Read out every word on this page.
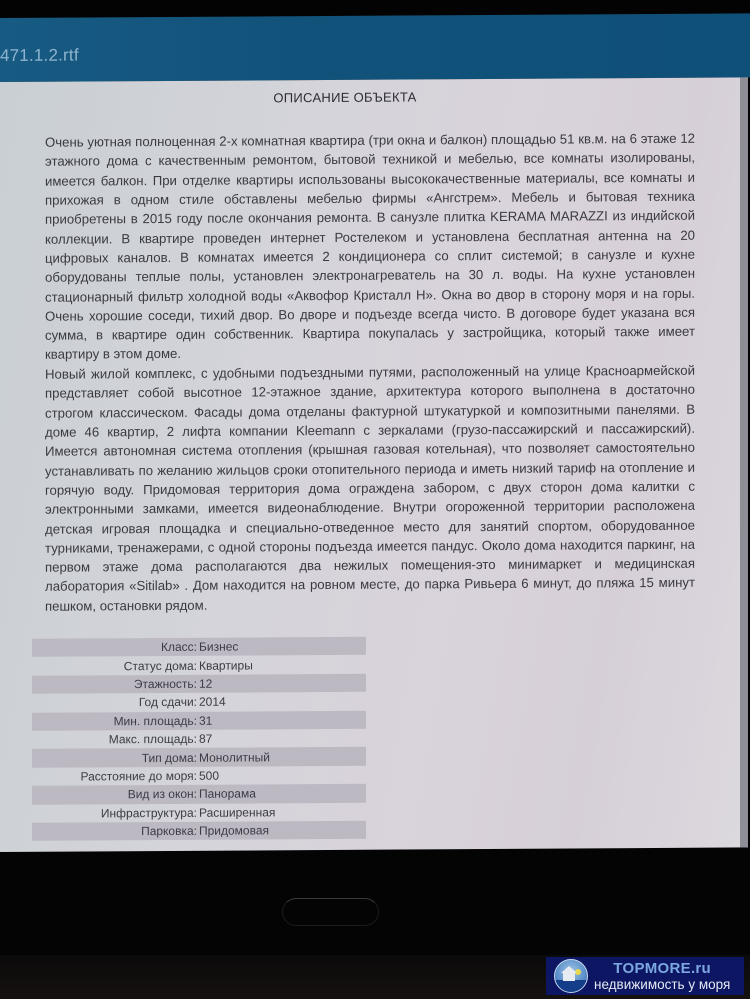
471.1.2.rtf
ОПИСАНИЕ ОБЪЕКТА

Очень уютная полноценная 2-х комнатная квартира (три окна и балкон) площадью 51 кв.м. на 6 этаже 12 этажного дома с качественным ремонтом, бытовой техникой и мебелью, все комнаты изолированы, имеется балкон. При отделке квартиры использованы высококачественные материалы, все комнаты и прихожая в одном стиле обставлены мебелью фирмы «Ангстрем». Мебель и бытовая техника приобретены в 2015 году после окончания ремонта. В санузле плитка KERAMA MARAZZI из индийской коллекции. В квартире проведен интернет Ростелеком и установлена бесплатная антенна на 20 цифровых каналов. В комнатах имеется 2 кондиционера со сплит системой; в санузле и кухне оборудованы теплые полы, установлен электронагреватель на 30 л. воды. На кухне установлен стационарный фильтр холодной воды «Аквофор Кристалл Н». Окна во двор в сторону моря и на горы. Очень хорошие соседи, тихий двор. Во дворе и подъезде всегда чисто. В договоре будет указана вся сумма, в квартире один собственник. Квартира покупалась у застройщика, который также имеет квартиру в этом доме.

Новый жилой комплекс, с удобными подъездными путями, расположенный на улице Красноармейской представляет собой высотное 12-этажное здание, архитектура которого выполнена в достаточно строгом классическом. Фасады дома отделаны фактурной штукатуркой и композитными панелями. В доме 46 квартир, 2 лифта компании Kleemann с зеркалами (грузо-пассажирский и пассажирский). Имеется автономная система отопления (крышная газовая котельная), что позволяет самостоятельно устанавливать по желанию жильцов сроки отопительного периода и иметь низкий тариф на отопление и горячую воду. Придомовая территория дома ограждена забором, с двух сторон дома калитки с электронными замками, имеется видеонаблюдение. Внутри огороженной территории расположена детская игровая площадка и специально-отведенное место для занятий спортом, оборудованное турниками, тренажерами, с одной стороны подъезда имеется пандус. Около дома находится паркинг, на первом этаже дома располагаются два нежилых помещения-это минимаркет и медицинская лаборатория «Sitilab» . Дом находится на ровном месте, до парка Ривьера 6 минут, до пляжа 15 минут пешком, остановки рядом.

Класс: Бизнес
Статус дома: Квартиры
Этажность: 12
Год сдачи: 2014
Мин. площадь: 31
Макс. площадь: 87
Тип дома: Монолитный
Расстояние до моря: 500
Вид из окон: Панорама
Инфраструктура: Расширенная
Парковка: Придомовая
TOPMORE.ru
недвижимость у моря
